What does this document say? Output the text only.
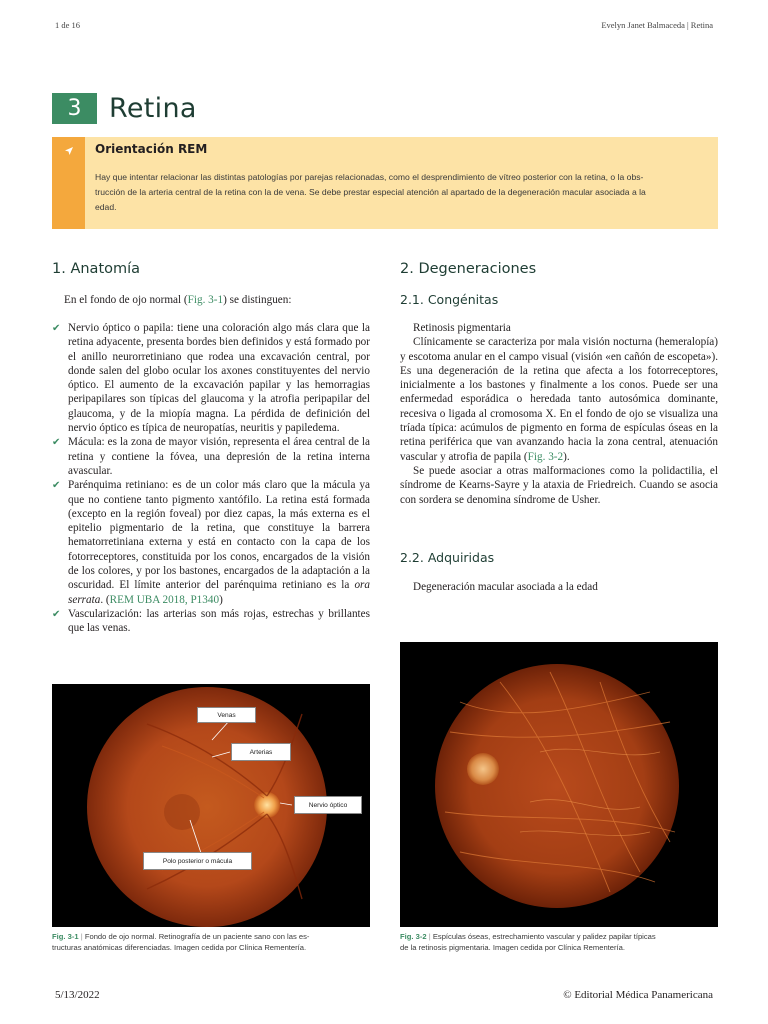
1 de 16	Evelyn Janet Balmaceda | Retina
3	Retina
Orientación REM
Hay que intentar relacionar las distintas patologías por parejas relacionadas, como el desprendimiento de vítreo posterior con la retina, o la obs-
trucción de la arteria central de la retina con la de vena. Se debe prestar especial atención al apartado de la degeneración macular asociada a la
edad.
1. Anatomía
En el fondo de ojo normal (Fig. 3-1) se distinguen:
✔ Nervio óptico o papila: tiene una coloración algo más clara que la retina adyacente, presenta bordes bien definidos y está formado por el anillo neurorretiniano que rodea una excavación central, por donde salen del globo ocular los axones constituyentes del nervio óptico. El aumento de la excavación papilar y las hemorragias peripapilares son típicas del glaucoma y la atrofia peripapilar del glaucoma, y de la miopía magna. La pérdida de definición del nervio óptico es típica de neuropatías, neuritis y papiledema.
✔ Mácula: es la zona de mayor visión, representa el área central de la retina y contiene la fóvea, una depresión de la retina interna avascular.
✔ Parénquima retiniano: es de un color más claro que la mácula ya que no contiene tanto pigmento xantófilo. La retina está formada (excepto en la región foveal) por diez capas, la más externa es el epitelio pigmentario de la retina, que constituye la barrera hematorretiniana externa y está en contacto con la capa de los fotorreceptores, constituida por los conos, encargados de la visión de los colores, y por los bastones, encargados de la adaptación a la oscuridad. El límite anterior del parénquima retiniano es la ora serrata. (REM UBA 2018, P1340)
✔ Vascularización: las arterias son más rojas, estrechas y brillantes que las venas.
Venas
Arterias
Nervio óptico
Polo posterior o mácula
Fig. 3-1 | Fondo de ojo normal. Retinografía de un paciente sano con las es-
tructuras anatómicas diferenciadas. Imagen cedida por Clínica Rementería.
2. Degeneraciones
2.1. Congénitas
Retinosis pigmentaria
Clínicamente se caracteriza por mala visión nocturna (hemeralopía) y escotoma anular en el campo visual (visión «en cañón de escopeta»). Es una degeneración de la retina que afecta a los fotorreceptores, inicialmente a los bastones y finalmente a los conos. Puede ser una enfermedad esporádica o heredada tanto autosómica dominante, recesiva o ligada al cromosoma X. En el fondo de ojo se visualiza una tríada típica: acúmulos de pigmento en forma de espículas óseas en la retina periférica que van avanzando hacia la zona central, atenuación vascular y atrofia de papila (Fig. 3-2).
Se puede asociar a otras malformaciones como la polidactilia, el síndrome de Kearns-Sayre y la ataxia de Friedreich. Cuando se asocia con sordera se denomina síndrome de Usher.
2.2. Adquiridas
Degeneración macular asociada a la edad
Fig. 3-2 | Espículas óseas, estrechamiento vascular y palidez papilar típicas
de la retinosis pigmentaria. Imagen cedida por Clínica Rementería.
5/13/2022	© Editorial Médica Panamericana
